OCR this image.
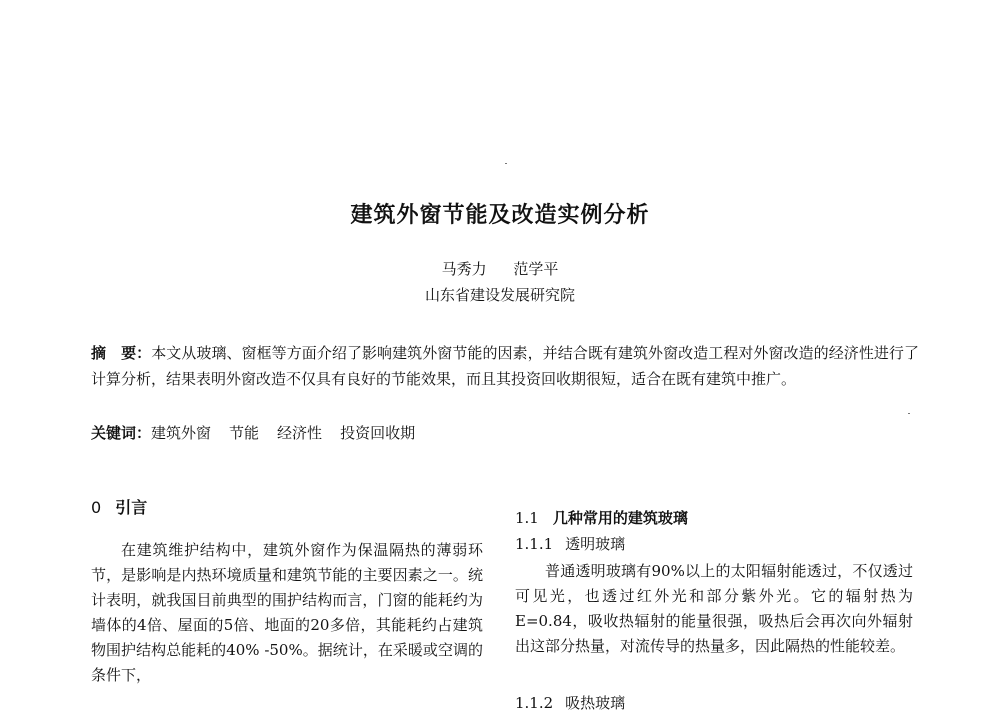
建筑外窗节能及改造实例分析
马秀力 范学平
山东省建设发展研究院
摘　要：本文从玻璃、窗框等方面介绍了影响建筑外窗节能的因素，并结合既有建筑外窗改造工程对外窗改造的经济性进行了计算分析，结果表明外窗改造不仅具有良好的节能效果，而且其投资回收期很短，适合在既有建筑中推广。
关键词：建筑外窗 节能 经济性 投资回收期
0 引言
在建筑维护结构中，建筑外窗作为保温隔热的薄弱环节，是影响是内热环境质量和建筑节能的主要因素之一。统计表明，就我国目前典型的围护结构而言，门窗的能耗约为墙体的4倍、屋面的5倍、地面的20多倍，其能耗约占建筑物围护结构总能耗的40% -50%。据统计，在采暖或空调的条件下，
1.1 几种常用的建筑玻璃
1.1.1 透明玻璃
普通透明玻璃有90%以上的太阳辐射能透过，不仅透过可见光，也透过红外光和部分紫外光。它的辐射热为E=0.84，吸收热辐射的能量很强，吸热后会再次向外辐射出这部分热量，对流传导的热量多，因此隔热的性能较差。
1.1.2 吸热玻璃
